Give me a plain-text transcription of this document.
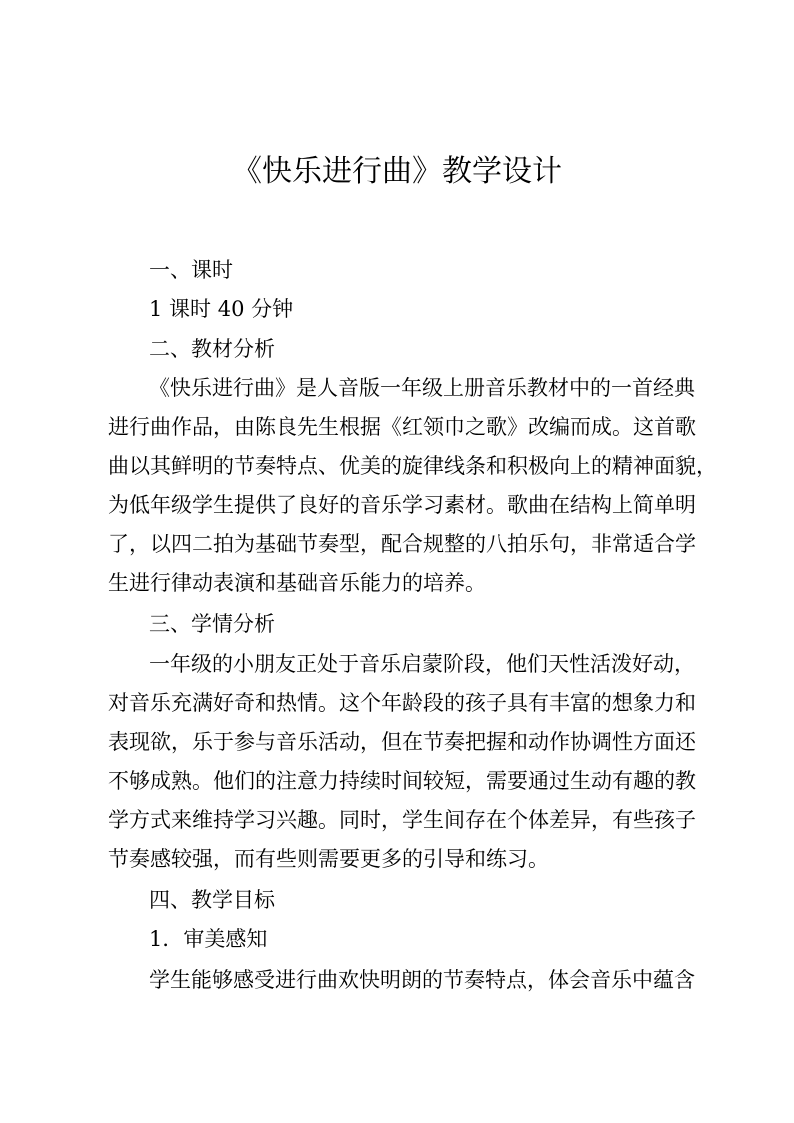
《快乐进行曲》教学设计
一、课时
1 课时 40 分钟
二、教材分析
《快乐进行曲》是人音版一年级上册音乐教材中的一首经典
进行曲作品，由陈良先生根据《红领巾之歌》改编而成。这首歌
曲以其鲜明的节奏特点、优美的旋律线条和积极向上的精神面貌，
为低年级学生提供了良好的音乐学习素材。歌曲在结构上简单明
了，以四二拍为基础节奏型，配合规整的八拍乐句，非常适合学
生进行律动表演和基础音乐能力的培养。
三、学情分析
一年级的小朋友正处于音乐启蒙阶段，他们天性活泼好动，
对音乐充满好奇和热情。这个年龄段的孩子具有丰富的想象力和
表现欲，乐于参与音乐活动，但在节奏把握和动作协调性方面还
不够成熟。他们的注意力持续时间较短，需要通过生动有趣的教
学方式来维持学习兴趣。同时，学生间存在个体差异，有些孩子
节奏感较强，而有些则需要更多的引导和练习。
四、教学目标
1．审美感知
学生能够感受进行曲欢快明朗的节奏特点，体会音乐中蕴含
